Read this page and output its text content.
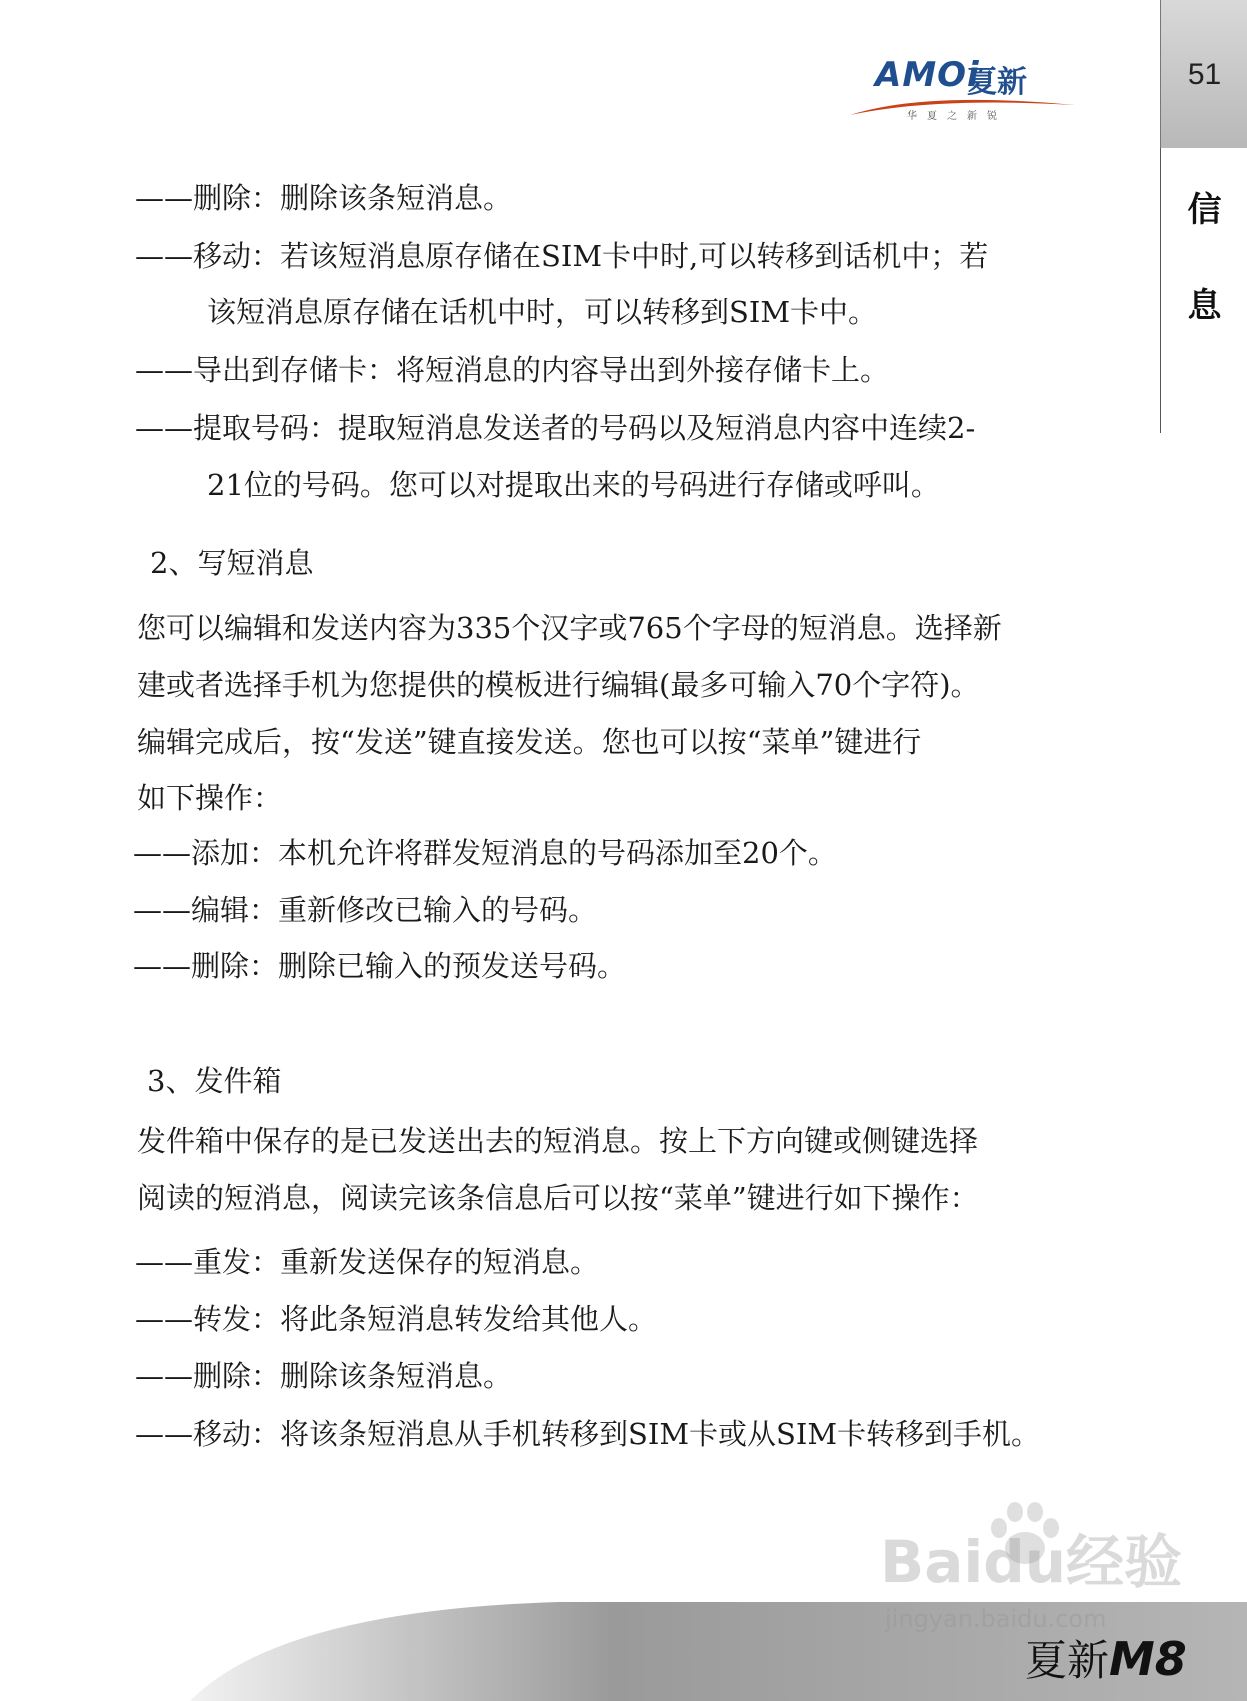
AMOi
夏新
华夏之新锐
51
信
息
——删除：删除该条短消息。
——移动：若该短消息原存储在SIM卡中时,可以转移到话机中；若
该短消息原存储在话机中时，可以转移到SIM卡中。
——导出到存储卡：将短消息的内容导出到外接存储卡上。
——提取号码：提取短消息发送者的号码以及短消息内容中连续2-
21位的号码。您可以对提取出来的号码进行存储或呼叫。
2、写短消息
您可以编辑和发送内容为335个汉字或765个字母的短消息。选择新
建或者选择手机为您提供的模板进行编辑(最多可输入70个字符)。
编辑完成后，按“发送”键直接发送。您也可以按“菜单”键进行
如下操作：
——添加：本机允许将群发短消息的号码添加至20个。
——编辑：重新修改已输入的号码。
——删除：删除已输入的预发送号码。
3、发件箱
发件箱中保存的是已发送出去的短消息。按上下方向键或侧键选择
阅读的短消息，阅读完该条信息后可以按“菜单”键进行如下操作：
——重发：重新发送保存的短消息。
——转发：将此条短消息转发给其他人。
——删除：删除该条短消息。
——移动：将该条短消息从手机转移到SIM卡或从SIM卡转移到手机。
Baidu经验
jingyan.baidu.com
夏新M8
